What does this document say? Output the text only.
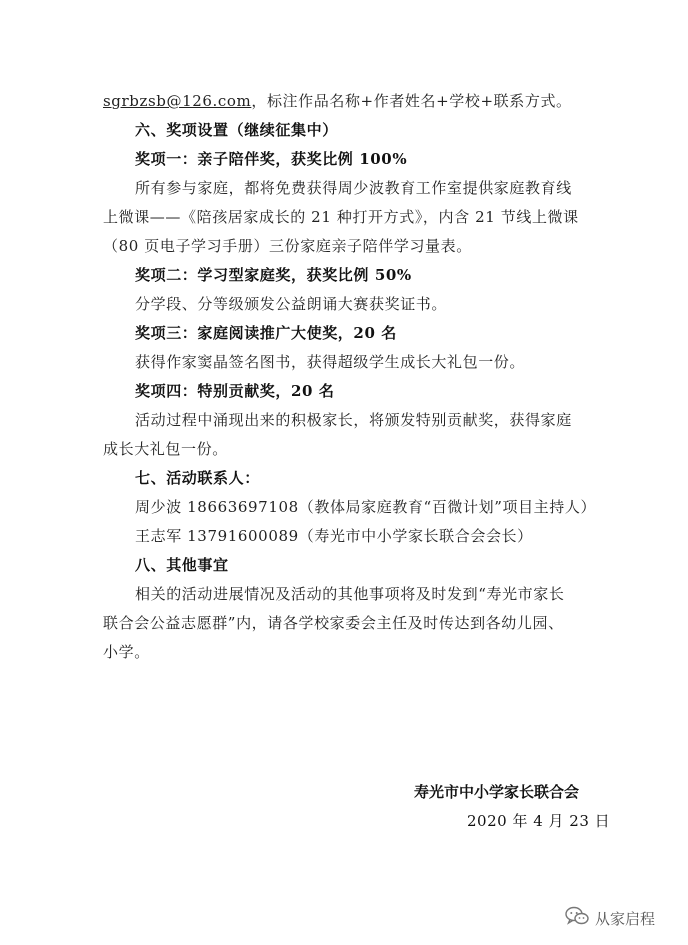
sgrbzsb@126.com，标注作品名称+作者姓名+学校+联系方式。
六、奖项设置（继续征集中）
奖项一：亲子陪伴奖，获奖比例 100%
所有参与家庭，都将免费获得周少波教育工作室提供家庭教育线
上微课——《陪孩居家成长的 21 种打开方式》，内含 21 节线上微课
（80 页电子学习手册）三份家庭亲子陪伴学习量表。
奖项二：学习型家庭奖，获奖比例 50%
分学段、分等级颁发公益朗诵大赛获奖证书。
奖项三：家庭阅读推广大使奖，20 名
获得作家窦晶签名图书，获得超级学生成长大礼包一份。
奖项四：特别贡献奖，20 名
活动过程中涌现出来的积极家长，将颁发特别贡献奖，获得家庭
成长大礼包一份。
七、活动联系人：
周少波 18663697108（教体局家庭教育“百微计划”项目主持人）
王志军 13791600089（寿光市中小学家长联合会会长）
八、其他事宜
相关的活动进展情况及活动的其他事项将及时发到“寿光市家长
联合会公益志愿群”内，请各学校家委会主任及时传达到各幼儿园、
小学。
寿光市中小学家长联合会
2020 年 4 月 23 日
从家启程
